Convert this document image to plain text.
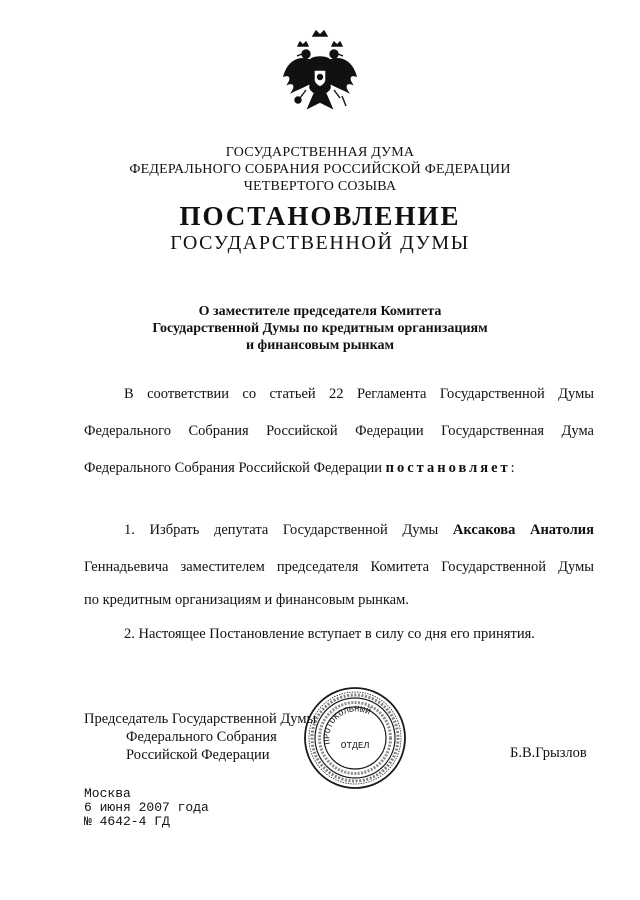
ГОСУДАРСТВЕННАЯ ДУМА
ФЕДЕРАЛЬНОГО СОБРАНИЯ РОССИЙСКОЙ ФЕДЕРАЦИИ
ЧЕТВЕРТОГО СОЗЫВА
ПОСТАНОВЛЕНИЕ
ГОСУДАРСТВЕННОЙ ДУМЫ
О заместителе председателя Комитета
Государственной Думы по кредитным организациям
и финансовым рынкам
В соответствии со статьей 22 Регламента Государственной Думы
Федерального Собрания Российской Федерации Государственная Дума
Федерального Собрания Российской Федерации постановляет:
1. Избрать депутата Государственной Думы Аксакова Анатолия
Геннадьевича заместителем председателя Комитета Государственной Думы
по кредитным организациям и финансовым рынкам.
2. Настоящее Постановление вступает в силу со дня его принятия.
Председатель Государственной Думы
Федерального Собрания
Российской Федерации	Б.В.Грызлов
ПРОТОКОЛЬНЫЙ
ОТДЕЛ
Москва
6 июня 2007 года
№ 4642-4 ГД
